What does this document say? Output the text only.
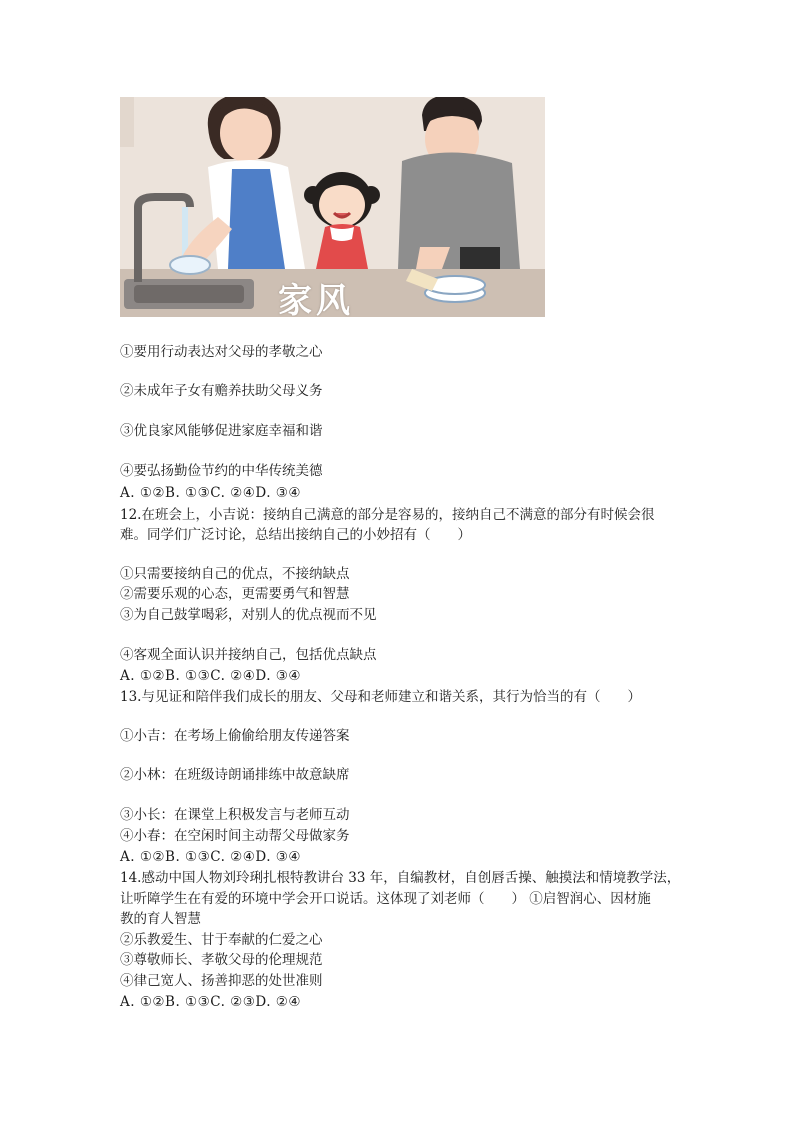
家风
①要用行动表达对父母的孝敬之心
②未成年子女有赡养扶助父母义务
③优良家风能够促进家庭幸福和谐
④要弘扬勤俭节约的中华传统美德
A. ①②B. ①③C. ②④D. ③④
12.在班会上，小吉说：接纳自己满意的部分是容易的，接纳自己不满意的部分有时候会很
难。同学们广泛讨论，总结出接纳自己的小妙招有（　　）
①只需要接纳自己的优点，不接纳缺点
②需要乐观的心态，更需要勇气和智慧
③为自己鼓掌喝彩，对别人的优点视而不见
④客观全面认识并接纳自己，包括优点缺点
A. ①②B. ①③C. ②④D. ③④
13.与见证和陪伴我们成长的朋友、父母和老师建立和谐关系，其行为恰当的有（　　）
①小吉：在考场上偷偷给朋友传递答案
②小林：在班级诗朗诵排练中故意缺席
③小长：在课堂上积极发言与老师互动
④小春：在空闲时间主动帮父母做家务
A. ①②B. ①③C. ②④D. ③④
14.感动中国人物刘玲琍扎根特教讲台 33 年，自编教材，自创唇舌操、触摸法和情境教学法，
让听障学生在有爱的环境中学会开口说话。这体现了刘老师（　　） ①启智润心、因材施
教的育人智慧
②乐教爱生、甘于奉献的仁爱之心
③尊敬师长、孝敬父母的伦理规范
④律己宽人、扬善抑恶的处世准则
A. ①②B. ①③C. ②③D. ②④
